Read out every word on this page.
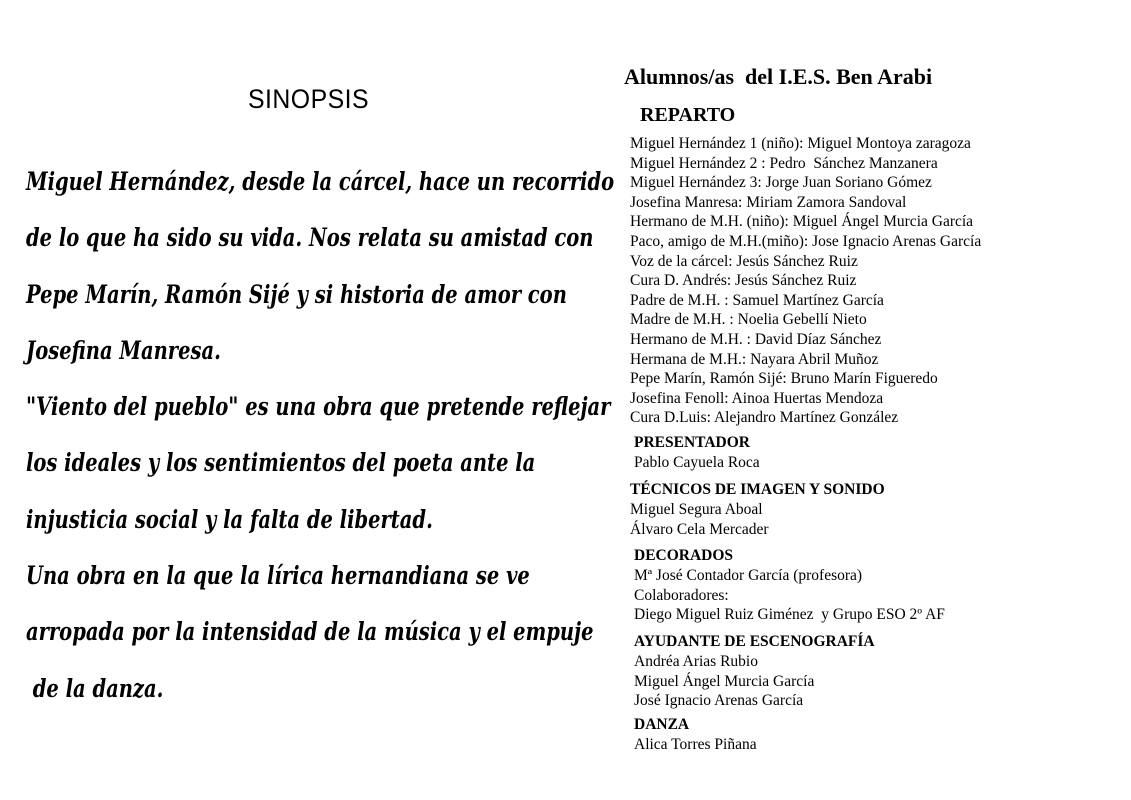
SINOPSIS
Miguel Hernández, desde la cárcel, hace un recorrido
de lo que ha sido su vida. Nos relata su amistad con
Pepe Marín, Ramón Sijé y si historia de amor con
Josefina Manresa.
"Viento del pueblo" es una obra que pretende reflejar
los ideales y los sentimientos del poeta ante la
injusticia social y la falta de libertad.
Una obra en la que la lírica hernandiana se ve
arropada por la intensidad de la música y el empuje
de la danza.
Alumnos/as  del I.E.S. Ben Arabi
REPARTO
Miguel Hernández 1 (niño): Miguel Montoya zaragoza
Miguel Hernández 2 : Pedro  Sánchez Manzanera
Miguel Hernández 3: Jorge Juan Soriano Gómez
Josefina Manresa: Miriam Zamora Sandoval
Hermano de M.H. (niño): Miguel Ángel Murcia García
Paco, amigo de M.H.(miño): Jose Ignacio Arenas García
Voz de la cárcel: Jesús Sánchez Ruiz
Cura D. Andrés: Jesús Sánchez Ruiz
Padre de M.H. : Samuel Martínez García
Madre de M.H. : Noelia Gebellí Nieto
Hermano de M.H. : David Díaz Sánchez
Hermana de M.H.: Nayara Abril Muñoz
Pepe Marín, Ramón Sijé: Bruno Marín Figueredo
Josefina Fenoll: Ainoa Huertas Mendoza
Cura D.Luis: Alejandro Martínez González
PRESENTADOR
Pablo Cayuela Roca
TÉCNICOS DE IMAGEN Y SONIDO
Miguel Segura Aboal
Álvaro Cela Mercader
DECORADOS
Mª José Contador García (profesora)
Colaboradores:
Diego Miguel Ruiz Giménez  y Grupo ESO 2º AF
AYUDANTE DE ESCENOGRAFÍA
Andréa Arias Rubio
Miguel Ángel Murcia García
José Ignacio Arenas García
DANZA
Alica Torres Piñana
